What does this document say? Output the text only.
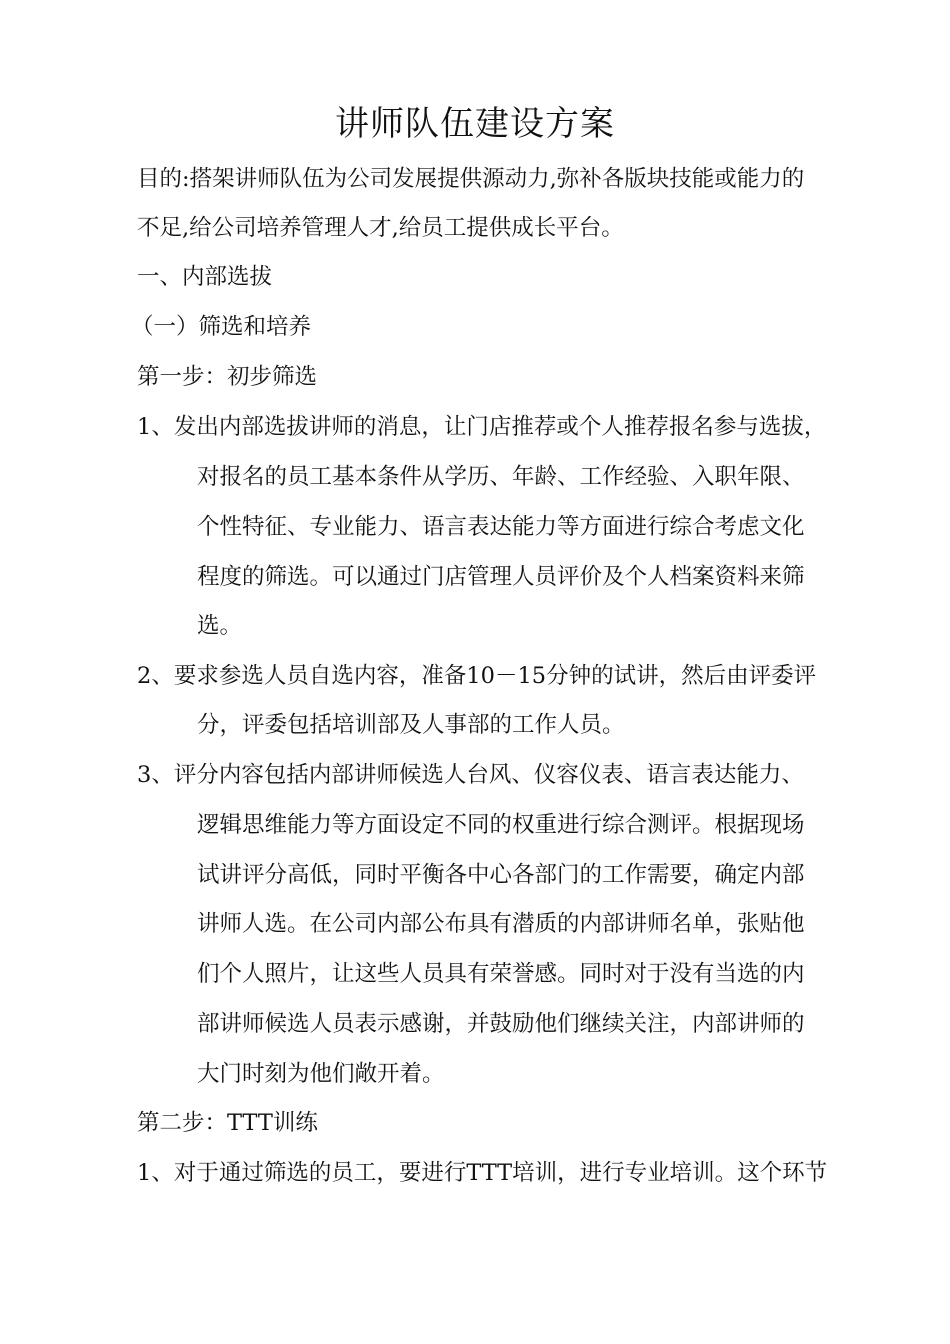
讲师队伍建设方案
目的:搭架讲师队伍为公司发展提供源动力,弥补各版块技能或能力的
不足,给公司培养管理人才,给员工提供成长平台。
一、内部选拔
（一）筛选和培养
第一步：初步筛选
1、发出内部选拔讲师的消息，让门店推荐或个人推荐报名参与选拔，
对报名的员工基本条件从学历、年龄、工作经验、入职年限、
个性特征、专业能力、语言表达能力等方面进行综合考虑文化
程度的筛选。可以通过门店管理人员评价及个人档案资料来筛
选。
2、要求参选人员自选内容，准备10－15分钟的试讲，然后由评委评
分，评委包括培训部及人事部的工作人员。
3、评分内容包括内部讲师候选人台风、仪容仪表、语言表达能力、
逻辑思维能力等方面设定不同的权重进行综合测评。根据现场
试讲评分高低，同时平衡各中心各部门的工作需要，确定内部
讲师人选。在公司内部公布具有潜质的内部讲师名单，张贴他
们个人照片，让这些人员具有荣誉感。同时对于没有当选的内
部讲师候选人员表示感谢，并鼓励他们继续关注，内部讲师的
大门时刻为他们敞开着。
第二步：TTT训练
1、对于通过筛选的员工，要进行TTT培训，进行专业培训。这个环节
